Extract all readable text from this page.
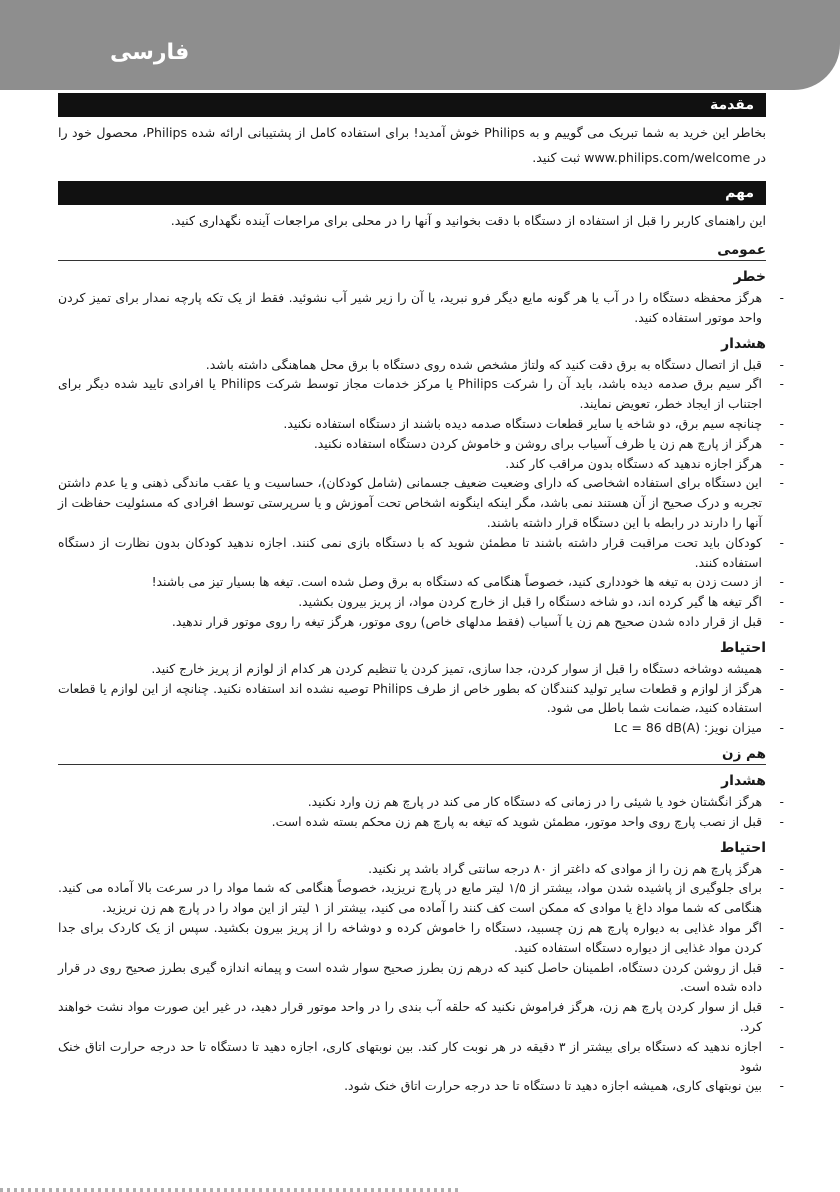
فارسی
مقدمة

بخاطر این خرید به شما تبریک می گوییم و به Philips خوش آمدید! برای استفاده کامل از پشتیبانی ارائه شده Philips، محصول خود را در www.philips.com/welcome ثبت کنید.

مهم

این راهنمای کاربر را قبل از استفاده از دستگاه با دقت بخوانید و آنها را در محلی برای مراجعات آینده نگهداری کنید.

عمومی
خطر
-
هرگز محفظه دستگاه را در آب یا هر گونه مایع دیگر فرو نبرید، یا آن را زیر شیر آب نشوئید. فقط از یک تکه پارچه نمدار برای تمیز کردن واحد موتور استفاده کنید.
هشدار
-
قبل از اتصال دستگاه به برق دقت کنید که ولتاژ مشخص شده روی دستگاه با برق محل هماهنگی داشته باشد.
-
اگر سیم برق صدمه دیده باشد، باید آن را شرکت Philips یا مرکز خدمات مجاز توسط شرکت Philips یا افرادی تایید شده دیگر برای اجتناب از ایجاد خطر، تعویض نمایند.
-
چنانچه سیم برق، دو شاخه یا سایر قطعات دستگاه صدمه دیده باشند از دستگاه استفاده نکنید.
-
هرگز از پارچ هم زن یا ظرف آسیاب برای روشن و خاموش کردن دستگاه استفاده نکنید.
-
هرگز اجازه ندهید که دستگاه بدون مراقب کار کند.
-
این دستگاه برای استفاده اشخاصی که دارای وضعیت ضعیف جسمانی (شامل کودکان)، حساسیت و یا عقب ماندگی ذهنی و یا عدم داشتن تجربه و درک صحیح از آن هستند نمی باشد، مگر اینکه اینگونه اشخاص تحت آموزش و یا سرپرستی توسط افرادی که مسئولیت حفاظت از آنها را دارند در رابطه با این دستگاه قرار داشته باشند.
-
کودکان باید تحت مراقبت قرار داشته باشند تا مطمئن شوید که با دستگاه بازی نمی کنند. اجازه ندهید کودکان بدون نظارت از دستگاه استفاده کنند.
-
از دست زدن به تیغه ها خودداری کنید، خصوصاً هنگامی که دستگاه به برق وصل شده است. تیغه ها بسیار تیز می باشند!
-
اگر تیغه ها گیر کرده اند، دو شاخه دستگاه را قبل از خارج کردن مواد، از پریز بیرون بکشید.
-
قبل از قرار داده شدن صحیح هم زن یا آسیاب (فقط مدلهای خاص) روی موتور، هرگز تیغه را روی موتور قرار ندهید.
احتیاط
-
همیشه دوشاخه دستگاه را قبل از سوار کردن، جدا سازی، تمیز کردن یا تنظیم کردن هر کدام از لوازم از پریز خارج کنید.
-
هرگز از لوازم و قطعات سایر تولید کنندگان که بطور خاص از طرف Philips توصیه نشده اند استفاده نکنید. چنانچه از این لوازم یا قطعات استفاده کنید، ضمانت شما باطل می شود.
-
میزان نویز: Lc = 86 dB(A)
هم زن
هشدار
-
هرگز انگشتان خود یا شیئی را در زمانی که دستگاه کار می کند در پارچ هم زن وارد نکنید.
-
قبل از نصب پارچ روی واحد موتور، مطمئن شوید که تیغه به پارچ هم زن محکم بسته شده است.
احتیاط
-
هرگز پارچ هم زن را از موادی که داغتر از ۸۰ درجه سانتی گراد باشد پر نکنید.
-
برای جلوگیری از پاشیده شدن مواد، بیشتر از ۱/۵ لیتر مایع در پارچ نریزید، خصوصاً هنگامی که شما مواد را در سرعت بالا آماده می کنید. هنگامی که شما مواد داغ یا موادی که ممکن است کف کنند را آماده می کنید، بیشتر از ۱ لیتر از این مواد را در پارچ هم زن نریزید.
-
اگر مواد غذایی به دیواره پارچ هم زن چسبید، دستگاه را خاموش کرده و دوشاخه را از پریز بیرون بکشید. سپس از یک کاردک برای جدا کردن مواد غذایی از دیواره دستگاه استفاده کنید.
-
قبل از روشن کردن دستگاه، اطمینان حاصل کنید که درهم زن بطرز صحیح سوار شده است و پیمانه اندازه گیری بطرز صحیح روی در قرار داده شده است.
-
قبل از سوار کردن پارچ هم زن، هرگز فراموش نکنید که حلقه آب بندی را در واحد موتور قرار دهید، در غیر این صورت مواد نشت خواهند کرد.
-
اجازه ندهید که دستگاه برای بیشتر از ۳ دقیقه در هر نوبت کار کند. بین نوبتهای کاری، اجازه دهید تا دستگاه تا حد درجه حرارت اتاق خنک شود
-
بین نوبتهای کاری، همیشه اجازه دهید تا دستگاه تا حد درجه حرارت اتاق خنک شود.
